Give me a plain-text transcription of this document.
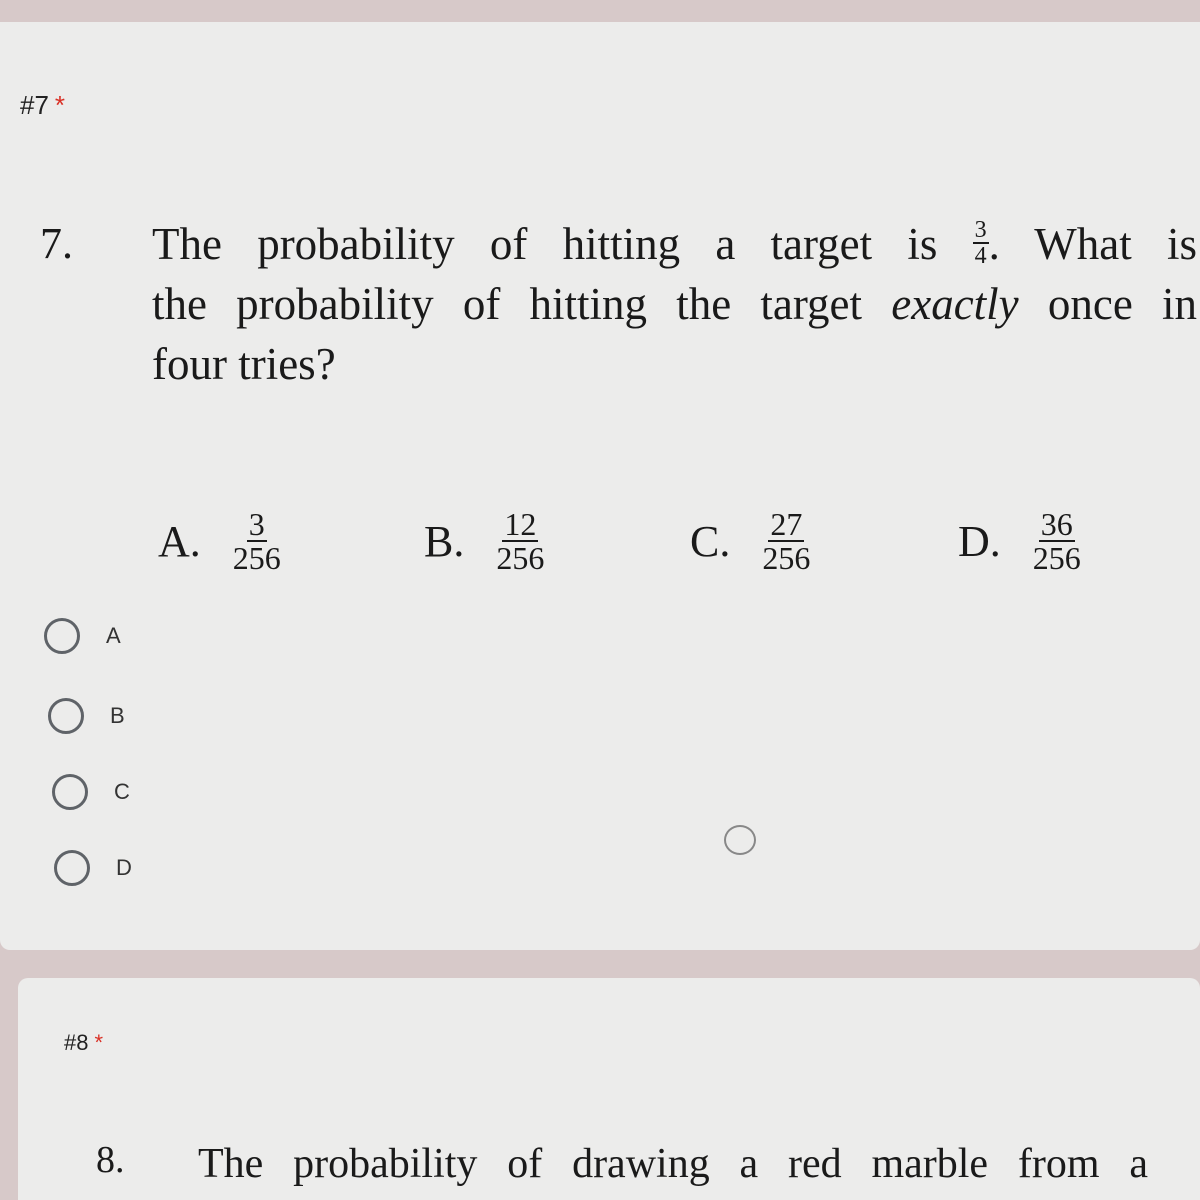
#7 *
7. The probability of hitting a target is $\frac{3}{4}$ . What is
the probability of hitting the target exactly once in
four tries?
A. $\frac{3}{256}$	B. $\frac{12}{256}$	C. $\frac{27}{256}$	D. $\frac{36}{256}$
A
B
C
D
#8 *
8. The probability of drawing a red marble from a
